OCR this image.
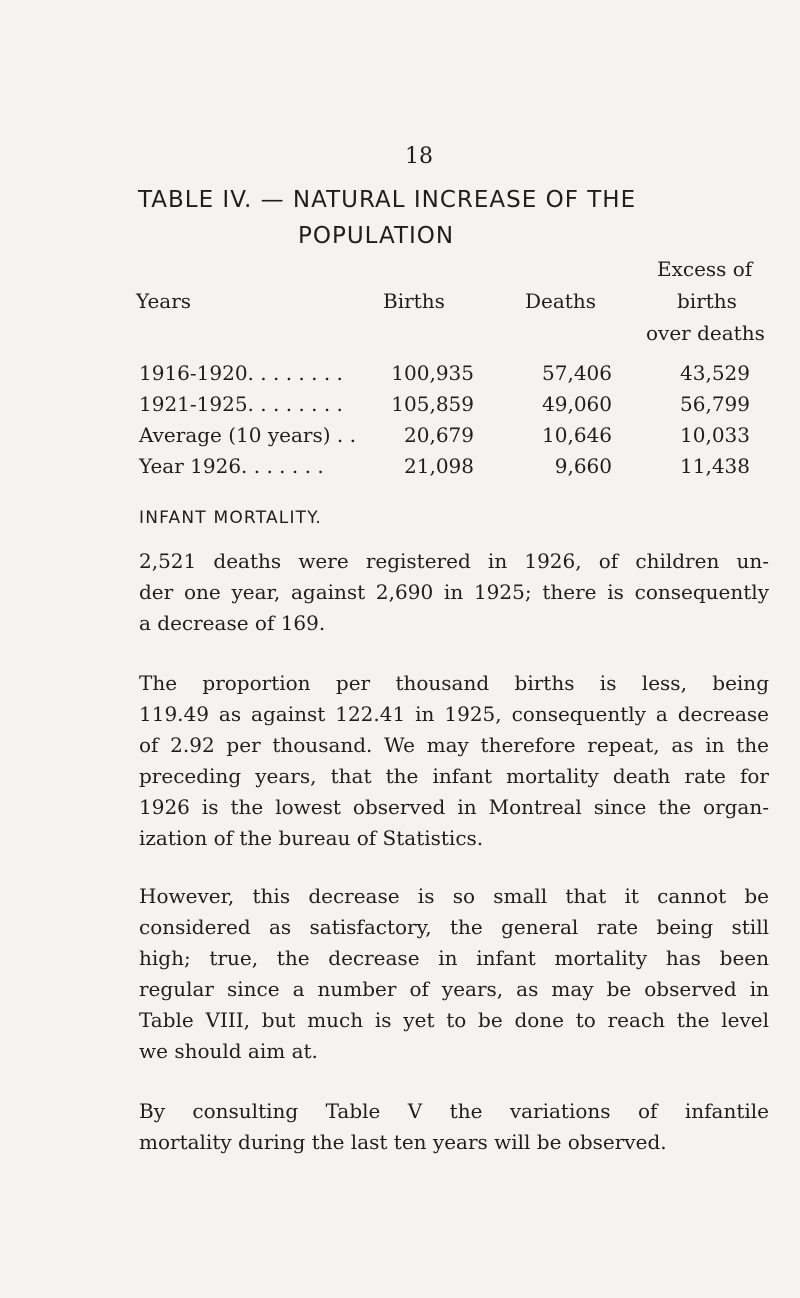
18
TABLE IV. — NATURAL INCREASE OF THE
POPULATION
Years	Births	Deaths
Excess of
births
over deaths
1916-1920. . . . . . . . 100,935	57,406	43,529
1921-1925. . . . . . . . 105,859	49,060	56,799
Average (10 years) . . 20,679	10,646	10,033
Year 1926. . . . . . .	21,098	9,660	11,438
INFANT MORTALITY.

2,521 deaths were registered in 1926, of children un-
der one year, against 2,690 in 1925; there is consequently
a decrease of 169.

The proportion per thousand births is less, being
119.49 as against 122.41 in 1925, consequently a decrease
of 2.92 per thousand. We may therefore repeat, as in the
preceding years, that the infant mortality death rate for
1926 is the lowest observed in Montreal since the organ-
ization of the bureau of Statistics.

However, this decrease is so small that it cannot be
considered as satisfactory, the general rate being still
high; true, the decrease in infant mortality has been
regular since a number of years, as may be observed in
Table VIII, but much is yet to be done to reach the level
we should aim at.

By consulting Table V the variations of infantile
mortality during the last ten years will be observed.
